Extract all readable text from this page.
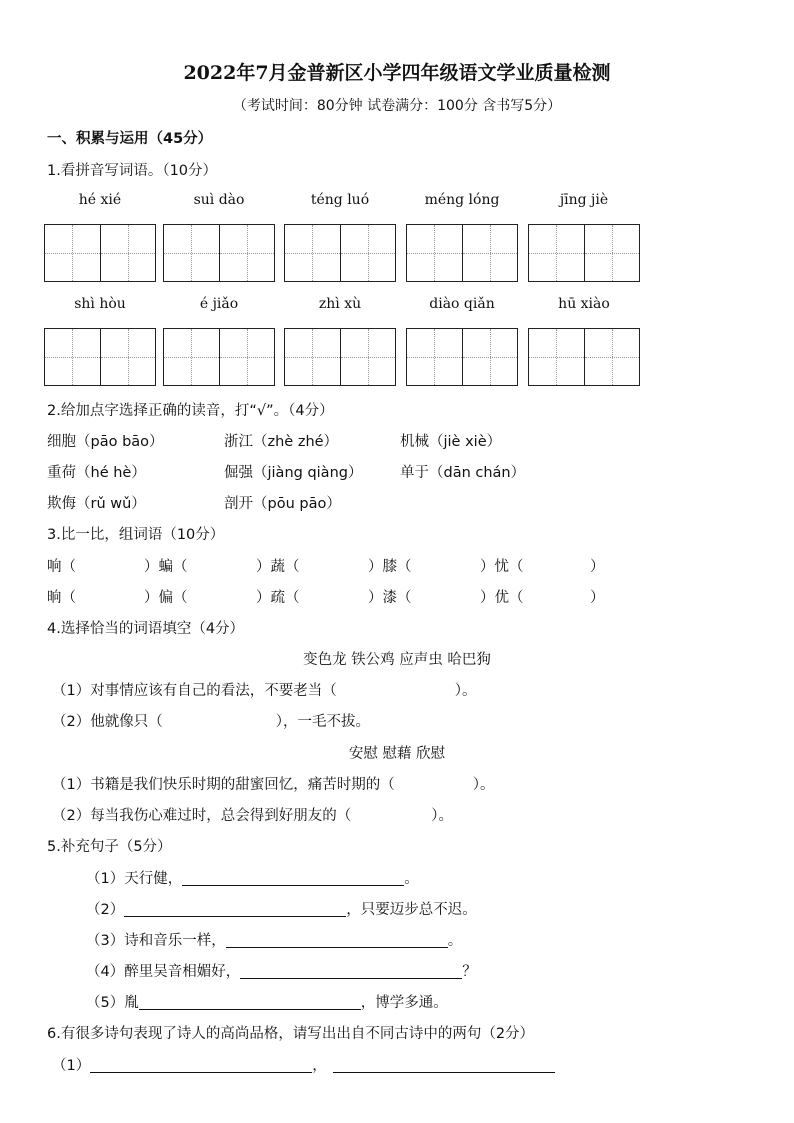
2022年7月金普新区小学四年级语文学业质量检测
（考试时间：80分钟 试卷满分：100分 含书写5分）
一、积累与运用（45分）
1.看拼音写词语。（10分）
hé xié	suì dào	téng luó	méng lóng	jīng jiè
shì hòu	é jiǎo	zhì xù	diào qiǎn	hū xiào
2.给加点字选择正确的读音，打“√”。（4分）
细胞（pāo bāo）	浙江（zhè zhé）	机械（jiè xiè）
重荷（hé hè）	倔强（jiàng qiàng）	单于（dān chán）
欺侮（rǔ wǔ）	剖开（pōu pāo）
3.比一比，组词语（10分）
响（	）蝙（	）蔬（	）膝（	）忧（	）
晌（	）偏（	）疏（	）漆（	）优（	）
4.选择恰当的词语填空（4分）
变色龙 铁公鸡 应声虫 哈巴狗
（1）对事情应该有自己的看法，不要老当（	）。
（2）他就像只（	），一毛不拔。
安慰 慰藉 欣慰
（1）书籍是我们快乐时期的甜蜜回忆，痛苦时期的（	）。
（2）每当我伤心难过时，总会得到好朋友的（	）。
5.补充句子（5分）
（1）天行健，	。
（2）	，只要迈步总不迟。
（3）诗和音乐一样，	。
（4）醉里吴音相媚好，	？
（5）胤	，博学多通。
6.有很多诗句表现了诗人的高尚品格，请写出出自不同古诗中的两句（2分）
（1）	，
